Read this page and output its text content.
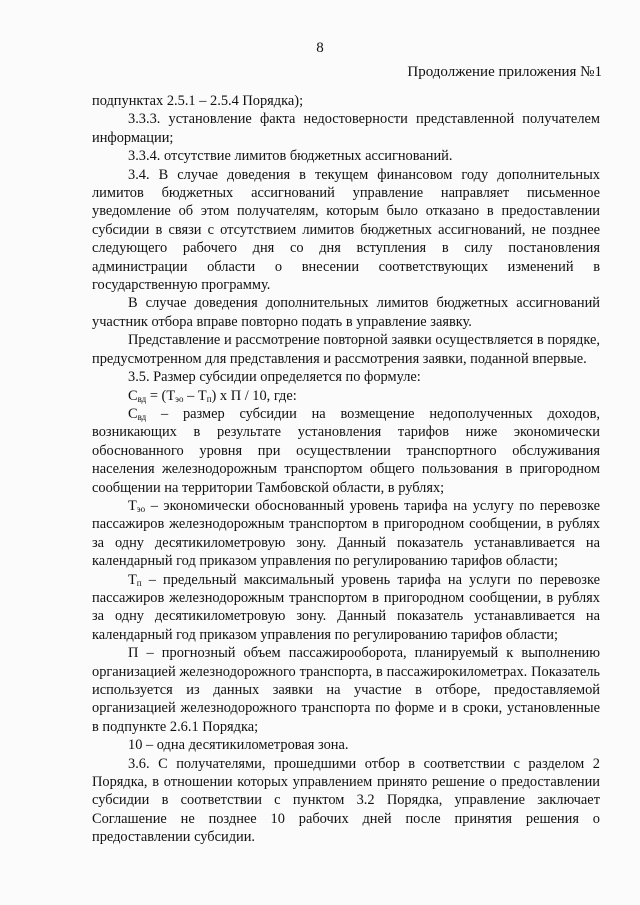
8
Продолжение приложения №1

подпунктах 2.5.1 – 2.5.4 Порядка);

3.3.3. установление факта недостоверности представленной получателем информации;

3.3.4. отсутствие лимитов бюджетных ассигнований.

3.4. В случае доведения в текущем финансовом году дополнительных лимитов бюджетных ассигнований управление направляет письменное уведомление об этом получателям, которым было отказано в предоставлении субсидии в связи с отсутствием лимитов бюджетных ассигнований, не позднее следующего рабочего дня со дня вступления в силу постановления администрации области о внесении соответствующих изменений в государственную программу.

В случае доведения дополнительных лимитов бюджетных ассигнований участник отбора вправе повторно подать в управление заявку.

Представление и рассмотрение повторной заявки осуществляется в порядке, предусмотренном для представления и рассмотрения заявки, поданной впервые.

3.5. Размер субсидии определяется по формуле:

$С_{вд} = (Т_{эо} - Т_п)$ х П / 10, где:

$С_{вд}$ – размер субсидии на возмещение недополученных доходов, возникающих в результате установления тарифов ниже экономически обоснованного уровня при осуществлении транспортного обслуживания населения железнодорожным транспортом общего пользования в пригородном сообщении на территории Тамбовской области, в рублях;

$Т_{эо}$ – экономически обоснованный уровень тарифа на услугу по перевозке пассажиров железнодорожным транспортом в пригородном сообщении, в рублях за одну десятикилометровую зону. Данный показатель устанавливается на календарный год приказом управления по регулированию тарифов области;

$Т_п$ – предельный максимальный уровень тарифа на услуги по перевозке пассажиров железнодорожным транспортом в пригородном сообщении, в рублях за одну десятикилометровую зону. Данный показатель устанавливается на календарный год приказом управления по регулированию тарифов области;

П – прогнозный объем пассажирооборота, планируемый к выполнению организацией железнодорожного транспорта, в пассажирокилометрах. Показатель используется из данных заявки на участие в отборе, предоставляемой организацией железнодорожного транспорта по форме и в сроки, установленные в подпункте 2.6.1 Порядка;

10 – одна десятикилометровая зона.

3.6. С получателями, прошедшими отбор в соответствии с разделом 2 Порядка, в отношении которых управлением принято решение о предоставлении субсидии в соответствии с пунктом 3.2 Порядка, управление заключает Соглашение не позднее 10 рабочих дней после принятия решения о предоставлении субсидии.
